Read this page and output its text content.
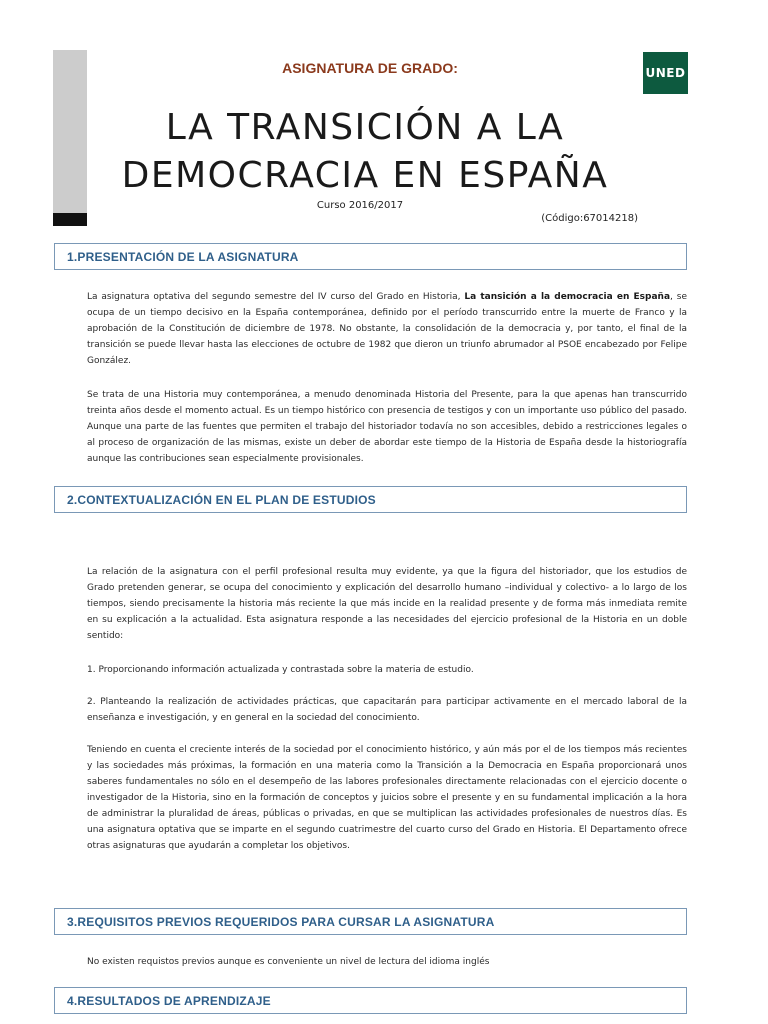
UNED
ASIGNATURA DE GRADO:
LA TRANSICIÓN A LA
DEMOCRACIA EN ESPAÑA
Curso 2016/2017
(Código:67014218)
1.PRESENTACIÓN DE LA ASIGNATURA

La asignatura optativa del segundo semestre del IV curso del Grado en Historia, La tansición a la democracia en España, se ocupa de un tiempo decisivo en la España contemporánea, definido por el período transcurrido entre la muerte de Franco y la aprobación de la Constitución de diciembre de 1978. No obstante, la consolidación de la democracia y, por tanto, el final de la transición se puede llevar hasta las elecciones de octubre de 1982 que dieron un triunfo abrumador al PSOE encabezado por Felipe González.

Se trata de una Historia muy contemporánea, a menudo denominada Historia del Presente, para la que apenas han transcurrido treinta años desde el momento actual. Es un tiempo histórico con presencia de testigos y con un importante uso público del pasado. Aunque una parte de las fuentes que permiten el trabajo del historiador todavía no son accesibles, debido a restricciones legales o al proceso de organización de las mismas, existe un deber de abordar este tiempo de la Historia de España desde la historiografía aunque las contribuciones sean especialmente provisionales.

2.CONTEXTUALIZACIÓN EN EL PLAN DE ESTUDIOS

La relación de la asignatura con el perfil profesional resulta muy evidente, ya que la figura del historiador, que los estudios de Grado pretenden generar, se ocupa del conocimiento y explicación del desarrollo humano –individual y colectivo- a lo largo de los tiempos, siendo precisamente la historia más reciente la que más incide en la realidad presente y de forma más inmediata remite en su explicación a la actualidad. Esta asignatura responde a las necesidades del ejercicio profesional de la Historia en un doble sentido:

1. Proporcionando información actualizada y contrastada sobre la materia de estudio.

2. Planteando la realización de actividades prácticas, que capacitarán para participar activamente en el mercado laboral de la enseñanza e investigación, y en general en la sociedad del conocimiento.

Teniendo en cuenta el creciente interés de la sociedad por el conocimiento histórico, y aún más por el de los tiempos más recientes y las sociedades más próximas, la formación en una materia como la Transición a la Democracia en España proporcionará unos saberes fundamentales no sólo en el desempeño de las labores profesionales directamente relacionadas con el ejercicio docente o investigador de la Historia, sino en la formación de conceptos y juicios sobre el presente y en su fundamental implicación a la hora de administrar la pluralidad de áreas, públicas o privadas, en que se multiplican las actividades profesionales de nuestros días. Es una asignatura optativa que se imparte en el segundo cuatrimestre del cuarto curso del Grado en Historia. El Departamento ofrece otras asignaturas que ayudarán a completar los objetivos.

3.REQUISITOS PREVIOS REQUERIDOS PARA CURSAR LA ASIGNATURA

No existen requistos previos aunque es conveniente un nivel de lectura del idioma inglés

4.RESULTADOS DE APRENDIZAJE
